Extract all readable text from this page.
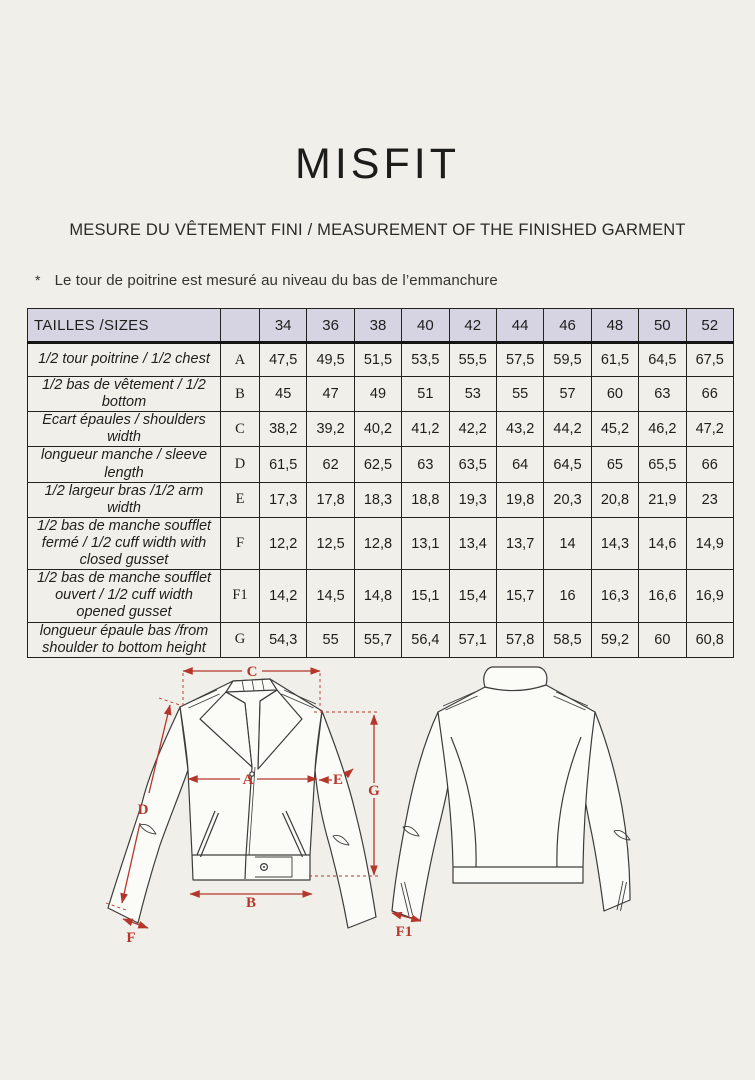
MISFIT
MESURE DU VÊTEMENT FINI / MEASUREMENT OF THE FINISHED GARMENT
* Le tour de poitrine est mesuré au niveau du bas de l’emmanchure
TAILLES /SIZES		34	36	38	40	42	44	46	48	50	52
1/2 tour poitrine / 1/2 chest	A	47,5	49,5	51,5	53,5	55,5	57,5	59,5	61,5	64,5	67,5
1/2 bas de vêtement / 1/2 bottom	B	45	47	49	51	53	55	57	60	63	66
Ecart épaules / shoulders width	C	38,2	39,2	40,2	41,2	42,2	43,2	44,2	45,2	46,2	47,2
longueur manche / sleeve length	D	61,5	62	62,5	63	63,5	64	64,5	65	65,5	66
1/2 largeur bras /1/2 arm width	E	17,3	17,8	18,3	18,8	19,3	19,8	20,3	20,8	21,9	23
1/2 bas de manche soufflet fermé / 1/2 cuff width with closed gusset	F	12,2	12,5	12,8	13,1	13,4	13,7	14	14,3	14,6	14,9
1/2 bas de manche soufflet ouvert / 1/2 cuff width opened gusset	F1	14,2	14,5	14,8	15,1	15,4	15,7	16	16,3	16,6	16,9
longueur épaule bas /from shoulder to bottom height	G	54,3	55	55,7	56,4	57,1	57,8	58,5	59,2	60	60,8
C
D
A	E
G
B
F	F1
